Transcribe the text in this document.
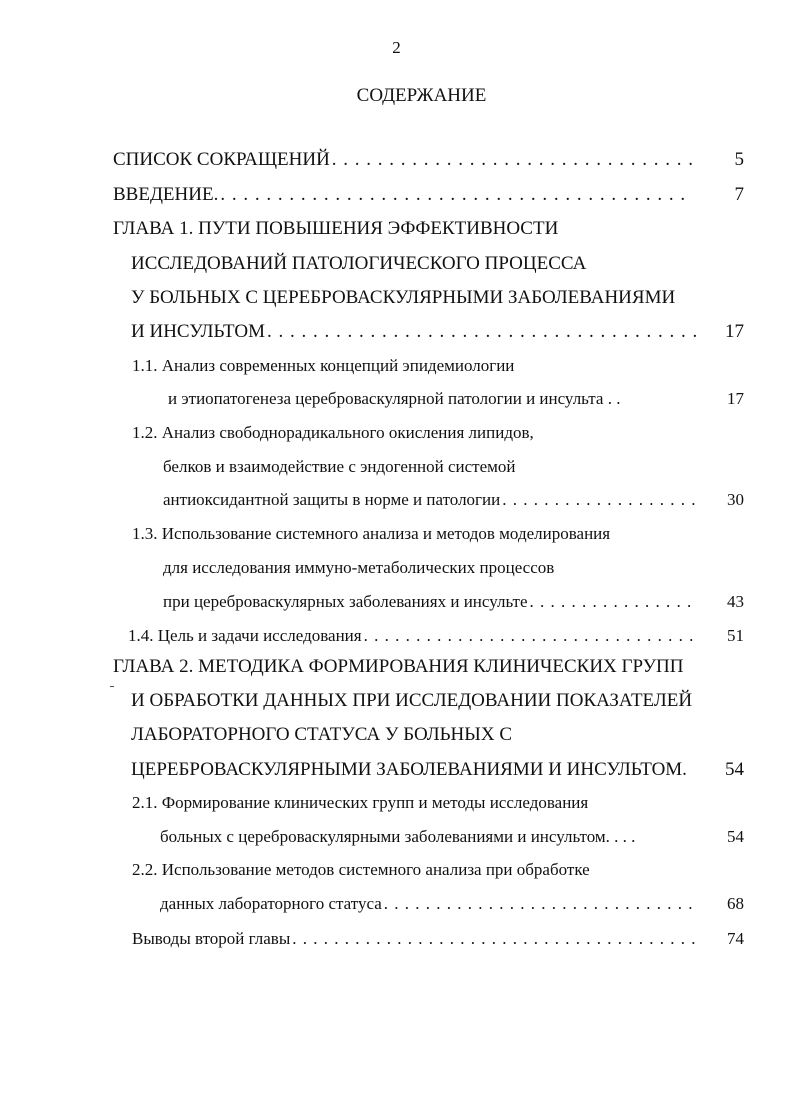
2
СОДЕРЖАНИЕ
СПИСОК СОКРАЩЕНИЙ . . .	5
ВВЕДЕНИЕ. . . .	7
ГЛАВА 1. ПУТИ ПОВЫШЕНИЯ ЭФФЕКТИВНОСТИ
ИССЛЕДОВАНИЙ ПАТОЛОГИЧЕСКОГО ПРОЦЕССА
У БОЛЬНЫХ С ЦЕРЕБРОВАСКУЛЯРНЫМИ ЗАБОЛЕВАНИЯМИ
И ИНСУЛЬТОМ . . .	17
1.1. Анализ современных концепций эпидемиологии
и этиопатогенеза цереброваскулярной патологии и инсульта . .	17
1.2. Анализ свободнорадикального окисления липидов,
белков и взаимодействие с эндогенной системой
антиоксидантной защиты в норме и патологии . . .	30
1.3. Использование системного анализа и методов моделирования
для исследования иммуно-метаболических процессов
при цереброваскулярных заболеваниях и инсульте . . .	43
1.4. Цель и задачи исследования . . .	51
ГЛАВА 2. МЕТОДИКА ФОРМИРОВАНИЯ КЛИНИЧЕСКИХ ГРУПП
И ОБРАБОТКИ ДАННЫХ ПРИ ИССЛЕДОВАНИИ ПОКАЗАТЕЛЕЙ
ЛАБОРАТОРНОГО СТАТУСА У БОЛЬНЫХ С
ЦЕРЕБРОВАСКУЛЯРНЫМИ ЗАБОЛЕВАНИЯМИ И ИНСУЛЬТОМ.	54
2.1. Формирование клинических групп и методы исследования
больных с цереброваскулярными заболеваниями и инсультом. . . .	54
2.2. Использование методов системного анализа при обработке
данных лабораторного статуса . . .	68
Выводы второй главы . . .	74
